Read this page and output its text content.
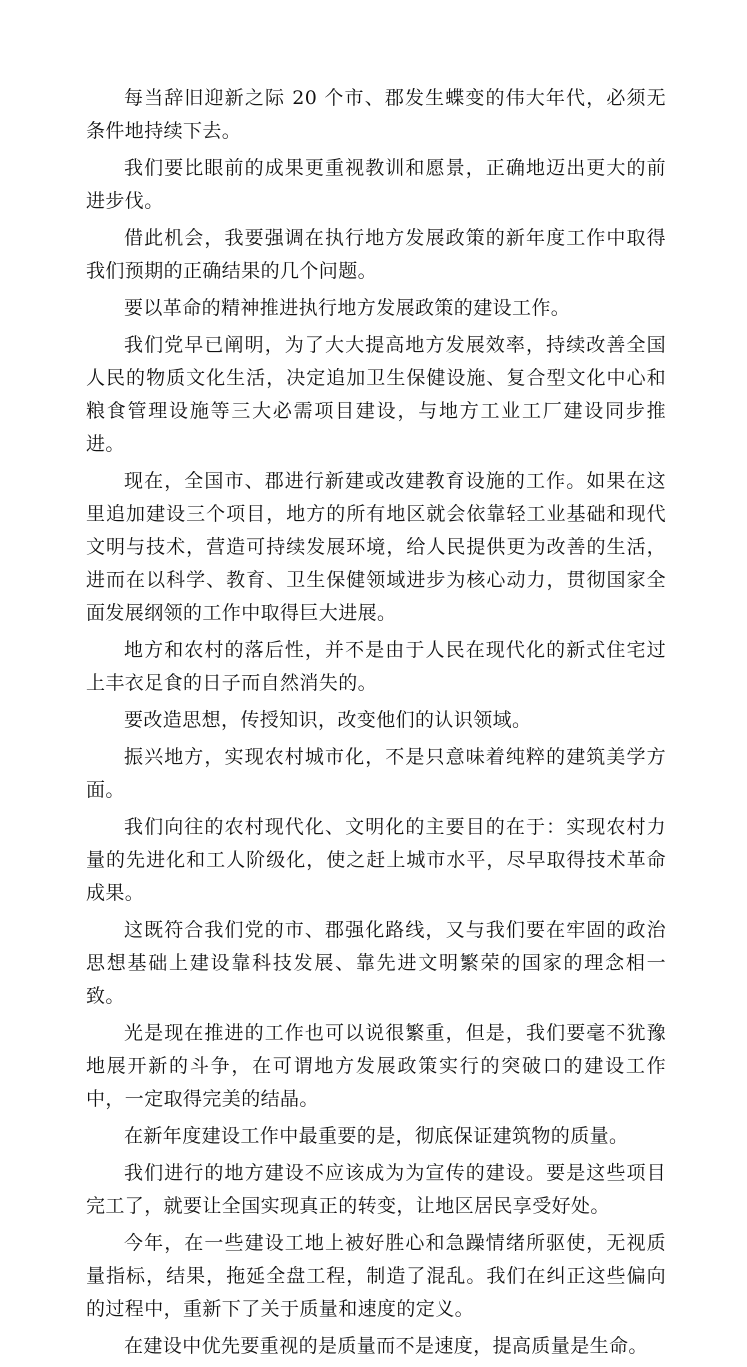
每当辞旧迎新之际 20 个市、郡发生蝶变的伟大年代，必须无条件地持续下去。

我们要比眼前的成果更重视教训和愿景，正确地迈出更大的前进步伐。

借此机会，我要强调在执行地方发展政策的新年度工作中取得我们预期的正确结果的几个问题。

要以革命的精神推进执行地方发展政策的建设工作。

我们党早已阐明，为了大大提高地方发展效率，持续改善全国人民的物质文化生活，决定追加卫生保健设施、复合型文化中心和粮食管理设施等三大必需项目建设，与地方工业工厂建设同步推进。

现在，全国市、郡进行新建或改建教育设施的工作。如果在这里追加建设三个项目，地方的所有地区就会依靠轻工业基础和现代文明与技术，营造可持续发展环境，给人民提供更为改善的生活，进而在以科学、教育、卫生保健领域进步为核心动力，贯彻国家全面发展纲领的工作中取得巨大进展。

地方和农村的落后性，并不是由于人民在现代化的新式住宅过上丰衣足食的日子而自然消失的。

要改造思想，传授知识，改变他们的认识领域。

振兴地方，实现农村城市化，不是只意味着纯粹的建筑美学方面。

我们向往的农村现代化、文明化的主要目的在于：实现农村力量的先进化和工人阶级化，使之赶上城市水平，尽早取得技术革命成果。

这既符合我们党的市、郡强化路线，又与我们要在牢固的政治思想基础上建设靠科技发展、靠先进文明繁荣的国家的理念相一致。

光是现在推进的工作也可以说很繁重，但是，我们要毫不犹豫地展开新的斗争，在可谓地方发展政策实行的突破口的建设工作中，一定取得完美的结晶。

在新年度建设工作中最重要的是，彻底保证建筑物的质量。

我们进行的地方建设不应该成为为宣传的建设。要是这些项目完工了，就要让全国实现真正的转变，让地区居民享受好处。

今年，在一些建设工地上被好胜心和急躁情绪所驱使，无视质量指标，结果，拖延全盘工程，制造了混乱。我们在纠正这些偏向的过程中，重新下了关于质量和速度的定义。

在建设中优先要重视的是质量而不是速度，提高质量是生命。
